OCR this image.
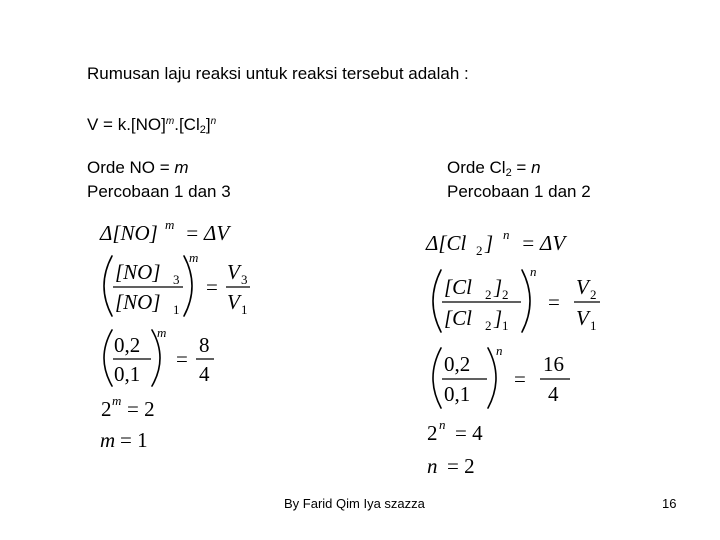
Rumusan laju reaksi untuk reaksi tersebut adalah :
$V = k.[NO]^m.[Cl_2]^n$
Orde NO = m
Percobaan 1 dan 3
Orde $Cl_2 = n$
Percobaan 1 dan 2
Δ[NO] m = ΔV
[NO] 3
[NO] 1
m
=
V 3
V 1
0,2
0,1
m
=
8
4
2 m = 2
m = 1
Δ[Cl 2 ] n = ΔV
[Cl 2 ] 2
[Cl 2 ] 1
n
=
V 2
V 1
0,2
0,1
n
=
16
4
2 n = 4
n = 2
By Farid Qim Iya szazza	16
